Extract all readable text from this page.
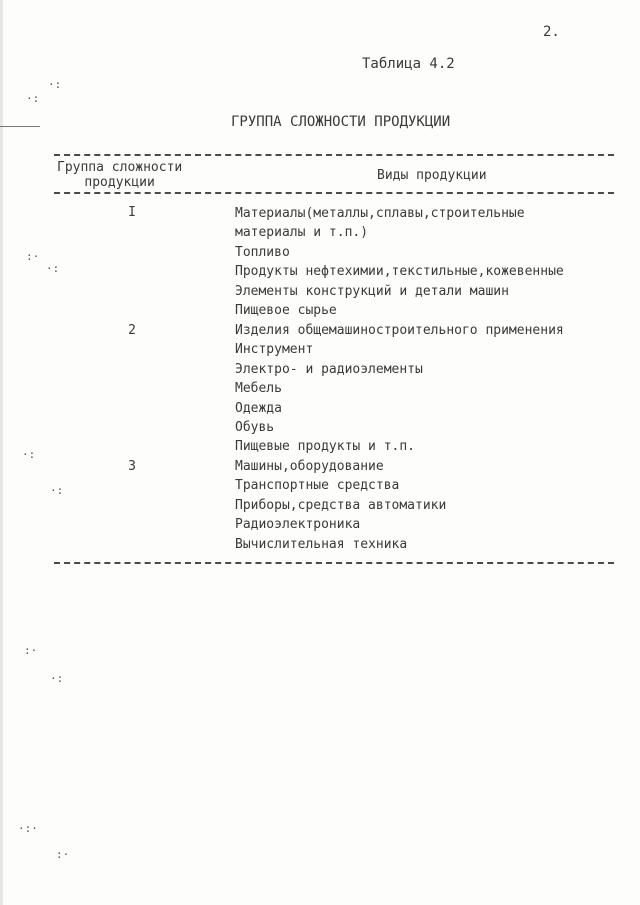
2.
Таблица 4.2
ГРУППА СЛОЖНОСТИ ПРОДУКЦИИ
Группа сложности
продукции	Виды продукции
I	Материалы(металлы,сплавы,строительные
материалы и т.п.)
Топливо
Продукты нефтехимии,текстильные,кожевенные
Элементы конструкций и детали машин
Пищевое сырье
2	Изделия общемашиностроительного применения
Инструмент
Электро- и радиоэлементы
Мебель
Одежда
Обувь
Пищевые продукты и т.п.
3	Машины,оборудование
Транспортные средства
Приборы,средства автоматики
Радиоэлектроника
Вычислительная техника
·:
·:
:·
·:
·:
·:
:·
·:
·:·
:·
